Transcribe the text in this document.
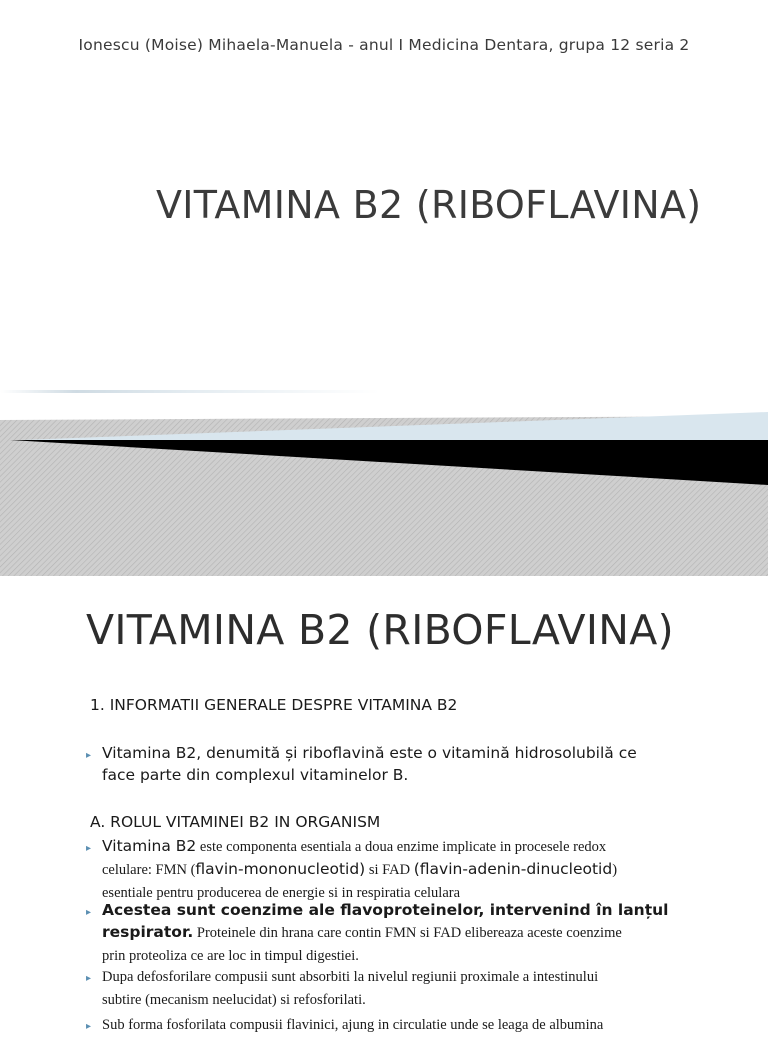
Ionescu (Moise) Mihaela-Manuela - anul I Medicina Dentara, grupa 12 seria 2
VITAMINA B2 (RIBOFLAVINA)
VITAMINA B2 (RIBOFLAVINA)
1. INFORMATII GENERALE DESPRE VITAMINA B2
▸ Vitamina B2, denumită și riboflavină este o vitamină hidrosolubilă ce
face parte din complexul vitaminelor B.
A. ROLUL VITAMINEI B2 IN ORGANISM
▸ Vitamina B2 este componenta esentiala a doua enzime implicate in procesele redox
celulare: FMN (flavin-mononucleotid) si FAD (flavin-adenin-dinucleotid)
esentiale pentru producerea de energie si in respiratia celulara
▸ Acestea sunt coenzime ale flavoproteinelor, intervenind în lanțul
respirator. Proteinele din hrana care contin FMN si FAD elibereaza aceste coenzime
prin proteoliza ce are loc in timpul digestiei.
▸ Dupa defosforilare compusii sunt absorbiti la nivelul regiunii proximale a intestinului
subtire (mecanism neelucidat) si refosforilati.
▸ Sub forma fosforilata compusii flavinici, ajung in circulatie unde se leaga de albumina
